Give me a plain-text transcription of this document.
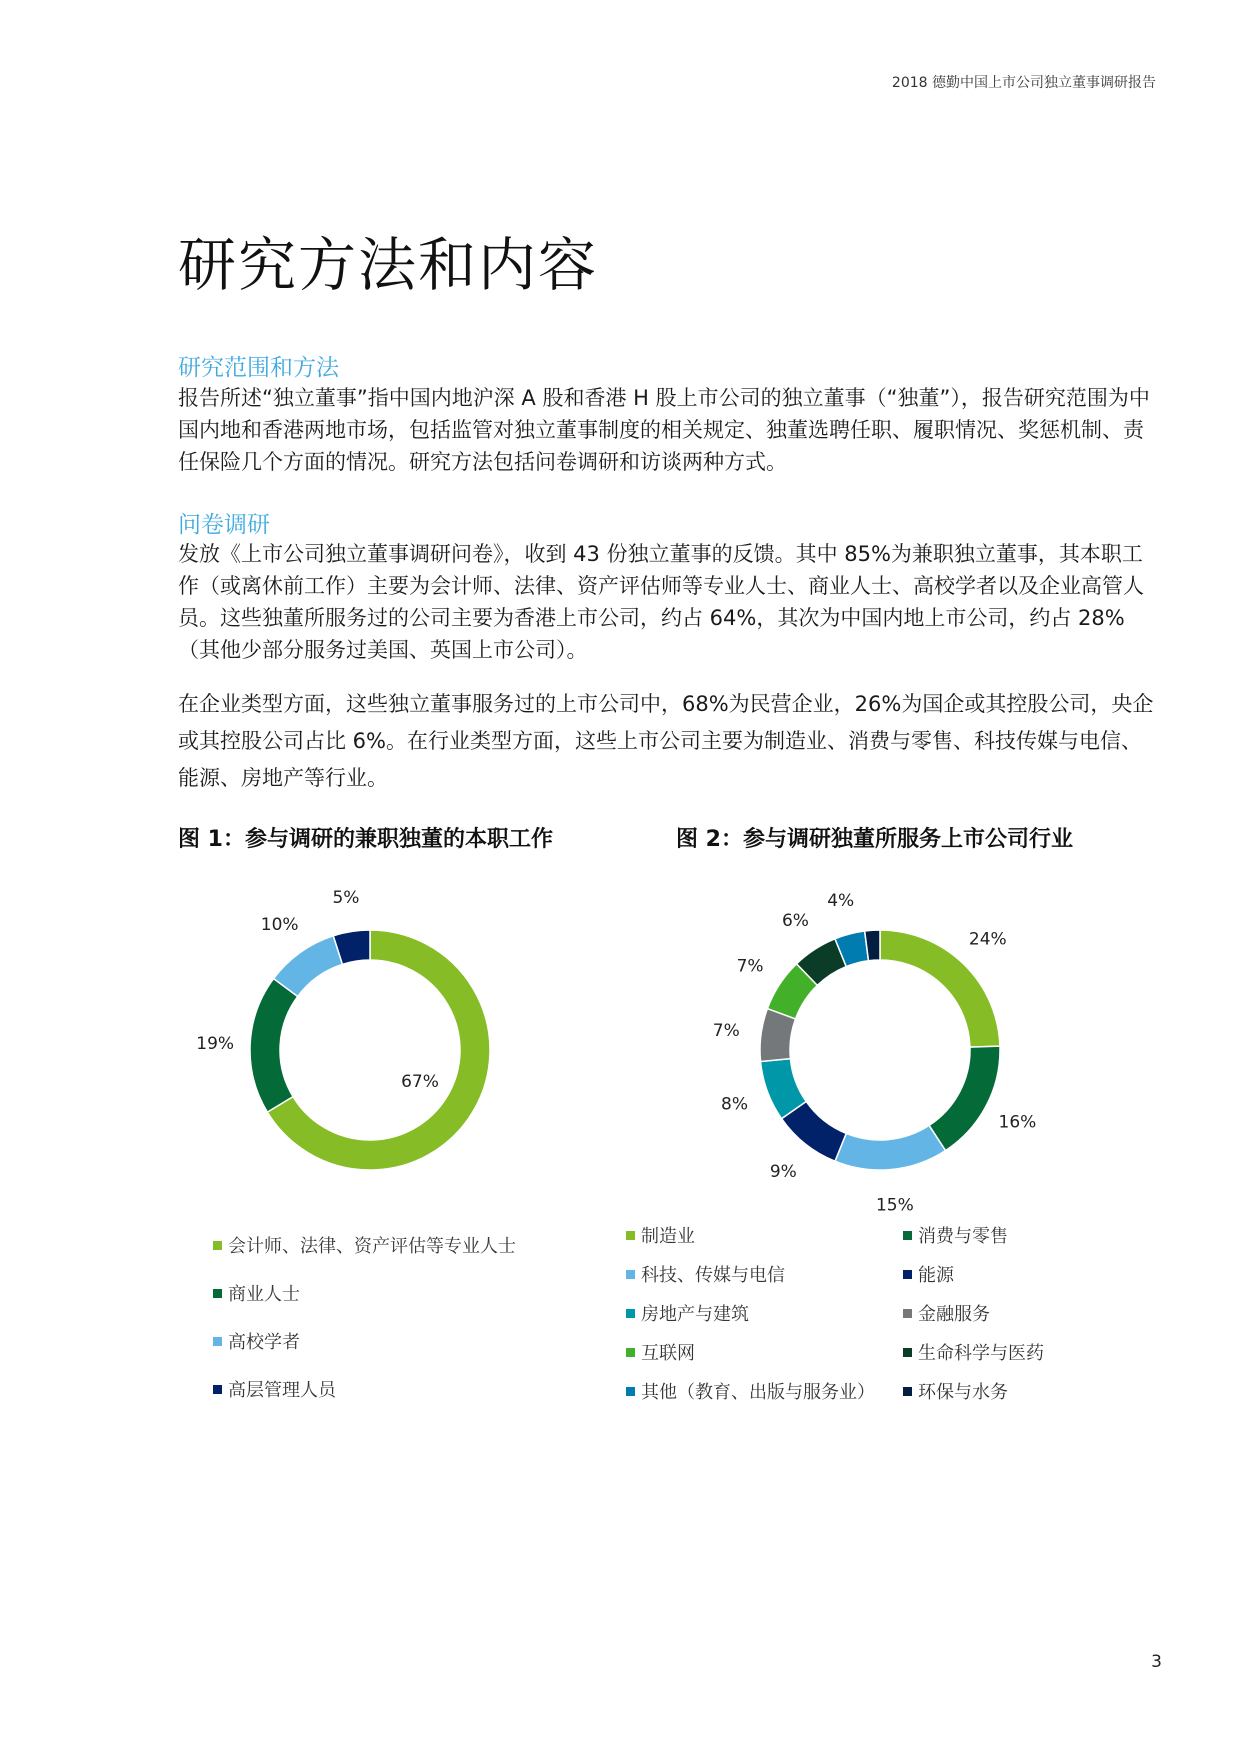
2018 德勤中国上市公司独立董事调研报告
研究方法和内容
研究范围和方法

报告所述“独立董事”指中国内地沪深 A 股和香港 H 股上市公司的独立董事（“独董”），报告研究范围为中国内地和香港两地市场，包括监管对独立董事制度的相关规定、独董选聘任职、履职情况、奖惩机制、责任保险几个方面的情况。研究方法包括问卷调研和访谈两种方式。

问卷调研

发放《上市公司独立董事调研问卷》，收到 43 份独立董事的反馈。其中 85%为兼职独立董事，其本职工作（或离休前工作）主要为会计师、法律、资产评估师等专业人士、商业人士、高校学者以及企业高管人员。这些独董所服务过的公司主要为香港上市公司，约占 64%，其次为中国内地上市公司，约占 28%（其他少部分服务过美国、英国上市公司）。

在企业类型方面，这些独立董事服务过的上市公司中，68%为民营企业，26%为国企或其控股公司，央企或其控股公司占比 6%。在行业类型方面，这些上市公司主要为制造业、消费与零售、科技传媒与电信、能源、房地产等行业。

图 1：参与调研的兼职独董的本职工作	图 2：参与调研独董所服务上市公司行业
67%
19%
10%
5%
24%
16%
15%
9%
8%
7%
7%
6%
4%
会计师、法律、资产评估等专业人士
商业人士
高校学者
高层管理人员
制造业	消费与零售
科技、传媒与电信	能源
房地产与建筑	金融服务
互联网	生命科学与医药
其他（教育、出版与服务业）	环保与水务
3
